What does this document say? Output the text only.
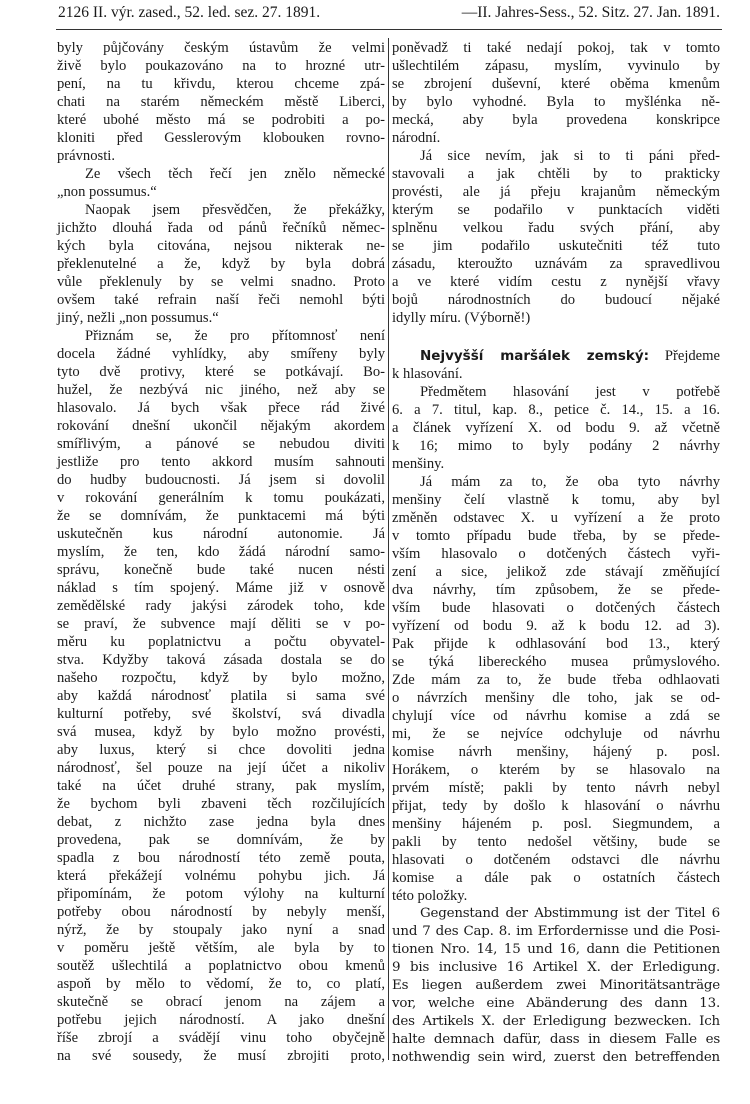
2126 II. výr. zased., 52. led. sez. 27. 1891.	—II. Jahres-Sess., 52. Sitz. 27. Jan. 1891.
byly půjčovány českým ústavům že velmi
živě bylo poukazováno na to hrozné utr-
pení, na tu křivdu, kterou chceme zpá-
chati na starém německém městě Liberci,
které ubohé město má se podrobiti a po-
kloniti před Gesslerovým klobouken rovno-
právnosti.
Ze všech těch řečí jen znělo německé
„non possumus.“
Naopak jsem přesvědčen, že překážky,
jichžto dlouhá řada od pánů řečníků němec-
kých byla citována, nejsou nikterak ne-
překlenutelné a že, když by byla dobrá
vůle překlenuly by se velmi snadno. Proto
ovšem také refrain naší řeči nemohl býti
jiný, nežli „non possumus.“
Přiznám se, že pro přítomnosť není
docela žádné vyhlídky, aby smířeny byly
tyto dvě protivy, které se potkávají. Bo-
hužel, že nezbývá nic jiného, než aby se
hlasovalo. Já bych však přece rád živé
rokování dnešní ukončil nějakým akordem
smířlivým, a pánové se nebudou diviti
jestliže pro tento akkord musím sahnouti
do hudby budoucnosti. Já jsem si dovolil
v rokování generálním k tomu poukázati,
že se domnívám, že punktacemi má býti
uskutečněn kus národní autonomie. Já
myslím, že ten, kdo žádá národní samo-
správu, konečně bude také nucen nésti
náklad s tím spojený. Máme již v osnově
zemědělské rady jakýsi zárodek toho, kde
se praví, že subvence mají děliti se v po-
měru ku poplatnictvu a počtu obyvatel-
stva. Kdyžby taková zásada dostala se do
našeho rozpočtu, když by bylo možno,
aby každá národnosť platila si sama své
kulturní potřeby, své školství, svá divadla
svá musea, když by bylo možno provésti,
aby luxus, který si chce dovoliti jedna
národnosť, šel pouze na její účet a nikoliv
také na účet druhé strany, pak myslím,
že bychom byli zbaveni těch rozčilujících
debat, z nichžto zase jedna byla dnes
provedena, pak se domnívám, že by
spadla z bou národností této země pouta,
která překážejí volnému pohybu jich. Já
připomínám, že potom výlohy na kulturní
potřeby obou národností by nebyly menší,
nýrž, že by stoupaly jako nyní a snad
v poměru ještě větším, ale byla by to
soutěž ušlechtilá a poplatnictvo obou kmenů
aspoň by mělo to vědomí, že to, co platí,
skutečně se obrací jenom na zájem a
potřebu jejich národností. A jako dnešní
říše zbrojí a svádějí vinu toho obyčejně
na své sousedy, že musí zbrojiti proto,
poněvadž ti také nedají pokoj, tak v tomto
ušlechtilém zápasu, myslím, vyvinulo by
se zbrojení duševní, které oběma kmenům
by bylo vyhodné. Byla to myšlénka ně-
mecká, aby byla provedena konskripce
národní.
Já sice nevím, jak si to ti páni před-
stavovali a jak chtěli by to prakticky
provésti, ale já přeju krajanům německým
kterým se podařilo v punktacích viděti
splněnu velkou řadu svých přání, aby
se jim podařilo uskutečniti též tuto
zásadu, kteroužto uznávám za spravedlivou
a ve které vidím cestu z nynější vřavy
bojů národnostních do budoucí nějaké
idylly míru. (Výborně!)
Nejvyšší maršálek zemský: Přejdeme
k hlasování.
Předmětem hlasování jest v potřebě
6. a 7. titul, kap. 8., petice č. 14., 15. a 16.
a článek vyřízení X. od bodu 9. až včetně
k 16; mimo to byly podány 2 návrhy
menšiny.
Já mám za to, že oba tyto návrhy
menšiny čelí vlastně k tomu, aby byl
změněn odstavec X. u vyřízení a že proto
v tomto případu bude třeba, by se přede-
vším hlasovalo o dotčených částech vyři-
zení a sice, jelikož zde stávají změňující
dva návrhy, tím způsobem, že se přede-
vším bude hlasovati o dotčených částech
vyřízení od bodu 9. až k bodu 12. ad 3).
Pak přijde k odhlasování bod 13., který
se týká libereckého musea průmyslového.
Zde mám za to, že bude třeba odhlaovati
o návrzích menšiny dle toho, jak se od-
chylují více od návrhu komise a zdá se
mi, že se nejvíce odchyluje od návrhu
komise návrh menšiny, hájený p. posl.
Horákem, o kterém by se hlasovalo na
prvém místě; pakli by tento návrh nebyl
přijat, tedy by došlo k hlasování o návrhu
menšiny hájeném p. posl. Siegmundem, a
pakli by tento nedošel většiny, bude se
hlasovati o dotčeném odstavci dle návrhu
komise a dále pak o ostatních částech
této položky.
Gegenstand der Abstimmung ist der Titel 6
und 7 des Cap. 8. im Erfordernisse und die Posi-
tionen Nro. 14, 15 und 16, dann die Petitionen
9 bis inclusive 16 Artikel X. der Erledigung.
Es liegen außerdem zwei Minoritätsanträge
vor, welche eine Abänderung des dann 13.
des Artikels X. der Erledigung bezwecken. Ich
halte demnach dafür, dass in diesem Falle es
nothwendig sein wird, zuerst den betreffenden
